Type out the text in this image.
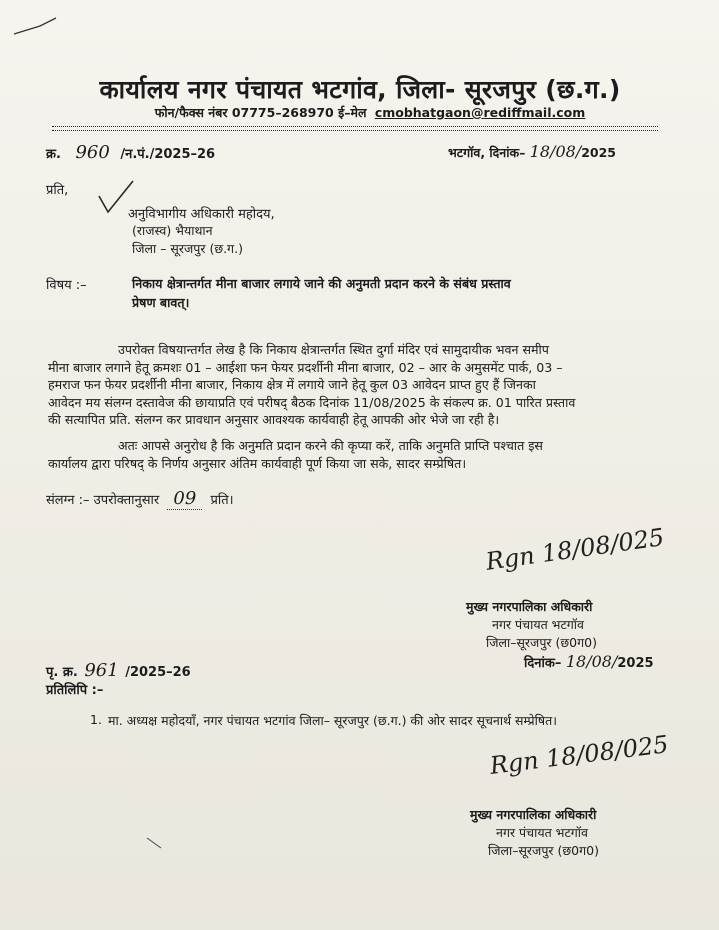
कार्यालय नगर पंचायत भटगांव, जिला- सूरजपुर (छ.ग.)
फोन/फैक्स नंबर 07775–268970 ई–मेल cmobhatgaon@rediffmail.com
क्र. 960 /न.पं./2025–26	भटगॉव, दिनांक– 18/08/2025
प्रति,
अनुविभागीय अधिकारी महोदय,
(राजस्व) भैयाथान
जिला – सूरजपुर (छ.ग.)
विषय :–	निकाय क्षेत्रान्तर्गत मीना बाजार लगाये जाने की अनुमती प्रदान करने के संबंध प्रस्ताव
प्रेषण बावत्।
उपरोक्त विषयान्तर्गत लेख है कि निकाय क्षेत्रान्तर्गत स्थित दुर्गा मंदिर एवं सामुदायीक भवन समीप
मीना बाजार लगाने हेतू क्रमशः 01 – आईशा फन फेयर प्रदर्शीनी मीना बाजार, 02 – आर के अमुसमेंट पार्क, 03 –
हमराज फन फेयर प्रदर्शीनी मीना बाजार, निकाय क्षेत्र में लगाये जाने हेतू कुल 03 आवेदन प्राप्त हुए हैं जिनका
आवेदन मय संलग्न दस्तावेज की छायाप्रति एवं परीषद् बैठक दिनांक 11/08/2025 के संकल्प क्र. 01 पारित प्रस्ताव
की सत्यापित प्रति. संलग्न कर प्रावधान अनुसार आवश्यक कार्यवाही हेतू आपकी ओर भेजे जा रही है।
अतः आपसे अनुरोध है कि अनुमति प्रदान करने की कृप्या करें, ताकि अनुमति प्राप्ति पश्चात इस
कार्यालय द्वारा परिषद् के निर्णय अनुसार अंतिम कार्यवाही पूर्ण किया जा सके, सादर सम्प्रेषित।
संलग्न :– उपरोक्तानुसार 09 प्रति।
Rgn 18/08/025
मुख्य नगरपालिका अधिकारी
नगर पंचायत भटगॉव
जिला–सूरजपुर (छ0ग0)
पृ. क्र. 961 /2025–26
दिनांक– 18/08/2025
प्रतिलिपि :–
1. मा. अध्यक्ष महोदयाँ, नगर पंचायत भटगांव जिला– सूरजपुर (छ.ग.) की ओर सादर सूचनार्थ सम्प्रेषित।
Rgn 18/08/025
मुख्य नगरपालिका अधिकारी
नगर पंचायत भटगॉव
जिला–सूरजपुर (छ0ग0)
